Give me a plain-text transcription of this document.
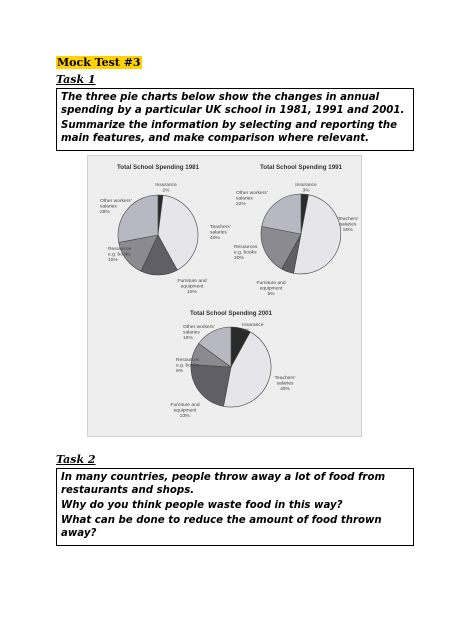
Mock Test #3
Task 1

The three pie charts below show the changes in annual spending by a particular UK school in 1981, 1991 and 2001.

Summarize the information by selecting and reporting the main features, and make comparison where relevant.

Total School Spending 1981
Insurance
2%
Teachers'
salaries
40%
Furniture and
equipment
15%
Resources
e.g. books
15%
Other workers'
salaries
28%
Total School Spending 1991
Insurance
3%
Teachers'
salaries
50%
Furniture and
equipment
5%
Resources
e.g. books
20%
Other workers'
salaries
22%
Total School Spending 2001
Insurance
8%
Teachers'
salaries
45%
Furniture and
equipment
23%
Resources
e.g. books
9%
Other workers'
salaries
15%
Task 2

In many countries, people throw away a lot of food from restaurants and shops.

Why do you think people waste food in this way?

What can be done to reduce the amount of food thrown away?
